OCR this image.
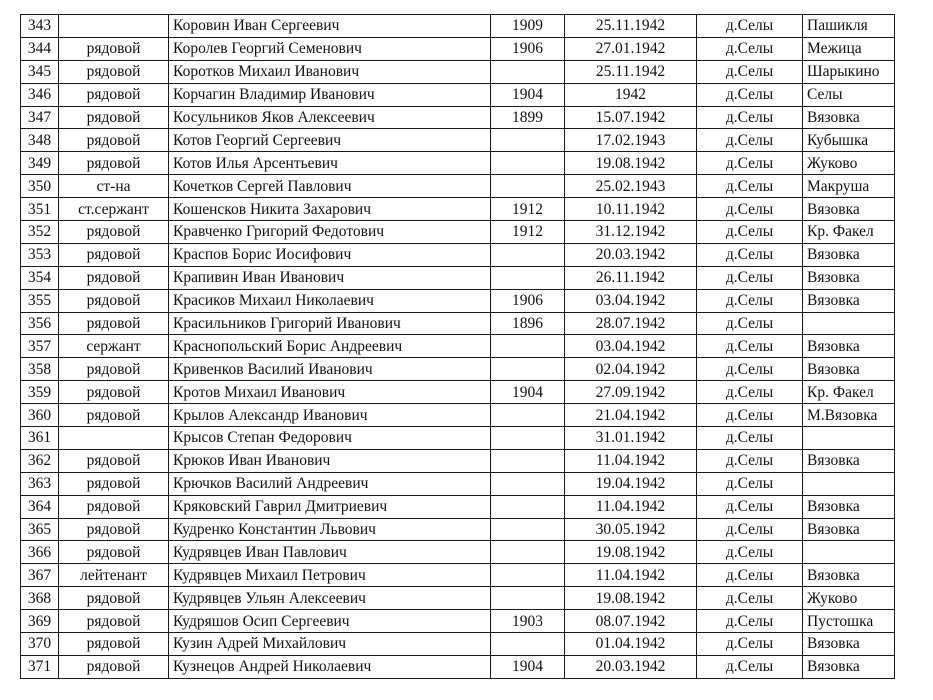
343		Коровин Иван Сергеевич	1909	25.11.1942	д.Селы	Пашикля
344	рядовой	Королев Георгий Семенович	1906	27.01.1942	д.Селы	Межица
345	рядовой	Коротков Михаил Иванович		25.11.1942	д.Селы	Шарыкино
346	рядовой	Корчагин Владимир Иванович	1904	1942	д.Селы	Селы
347	рядовой	Косульников Яков Алексеевич	1899	15.07.1942	д.Селы	Вязовка
348	рядовой	Котов Георгий Сергеевич		17.02.1943	д.Селы	Кубышка
349	рядовой	Котов Илья Арсентьевич		19.08.1942	д.Селы	Жуково
350	ст-на	Кочетков Сергей Павлович		25.02.1943	д.Селы	Макруша
351	ст.сержант	Кошенсков Никита Захарович	1912	10.11.1942	д.Селы	Вязовка
352	рядовой	Кравченко Григорий Федотович	1912	31.12.1942	д.Селы	Кр. Факел
353	рядовой	Краспов Борис Иосифович		20.03.1942	д.Селы	Вязовка
354	рядовой	Крапивин Иван Иванович		26.11.1942	д.Селы	Вязовка
355	рядовой	Красиков Михаил Николаевич	1906	03.04.1942	д.Селы	Вязовка
356	рядовой	Красильников Григорий Иванович	1896	28.07.1942	д.Селы	
357	сержант	Краснопольский Борис Андреевич		03.04.1942	д.Селы	Вязовка
358	рядовой	Кривенков Василий Иванович		02.04.1942	д.Селы	Вязовка
359	рядовой	Кротов Михаил Иванович	1904	27.09.1942	д.Селы	Кр. Факел
360	рядовой	Крылов Александр Иванович		21.04.1942	д.Селы	М.Вязовка
361		Крысов Степан Федорович		31.01.1942	д.Селы	
362	рядовой	Крюков Иван Иванович		11.04.1942	д.Селы	Вязовка
363	рядовой	Крючков Василий Андреевич		19.04.1942	д.Селы	
364	рядовой	Кряковский Гаврил Дмитриевич		11.04.1942	д.Селы	Вязовка
365	рядовой	Кудренко Константин Львович		30.05.1942	д.Селы	Вязовка
366	рядовой	Кудрявцев Иван Павлович		19.08.1942	д.Селы	
367	лейтенант	Кудрявцев Михаил Петрович		11.04.1942	д.Селы	Вязовка
368	рядовой	Кудрявцев Ульян Алексеевич		19.08.1942	д.Селы	Жуково
369	рядовой	Кудряшов Осип Сергеевич	1903	08.07.1942	д.Селы	Пустошка
370	рядовой	Кузин Адрей Михайлович		01.04.1942	д.Селы	Вязовка
371	рядовой	Кузнецов Андрей Николаевич	1904	20.03.1942	д.Селы	Вязовка
